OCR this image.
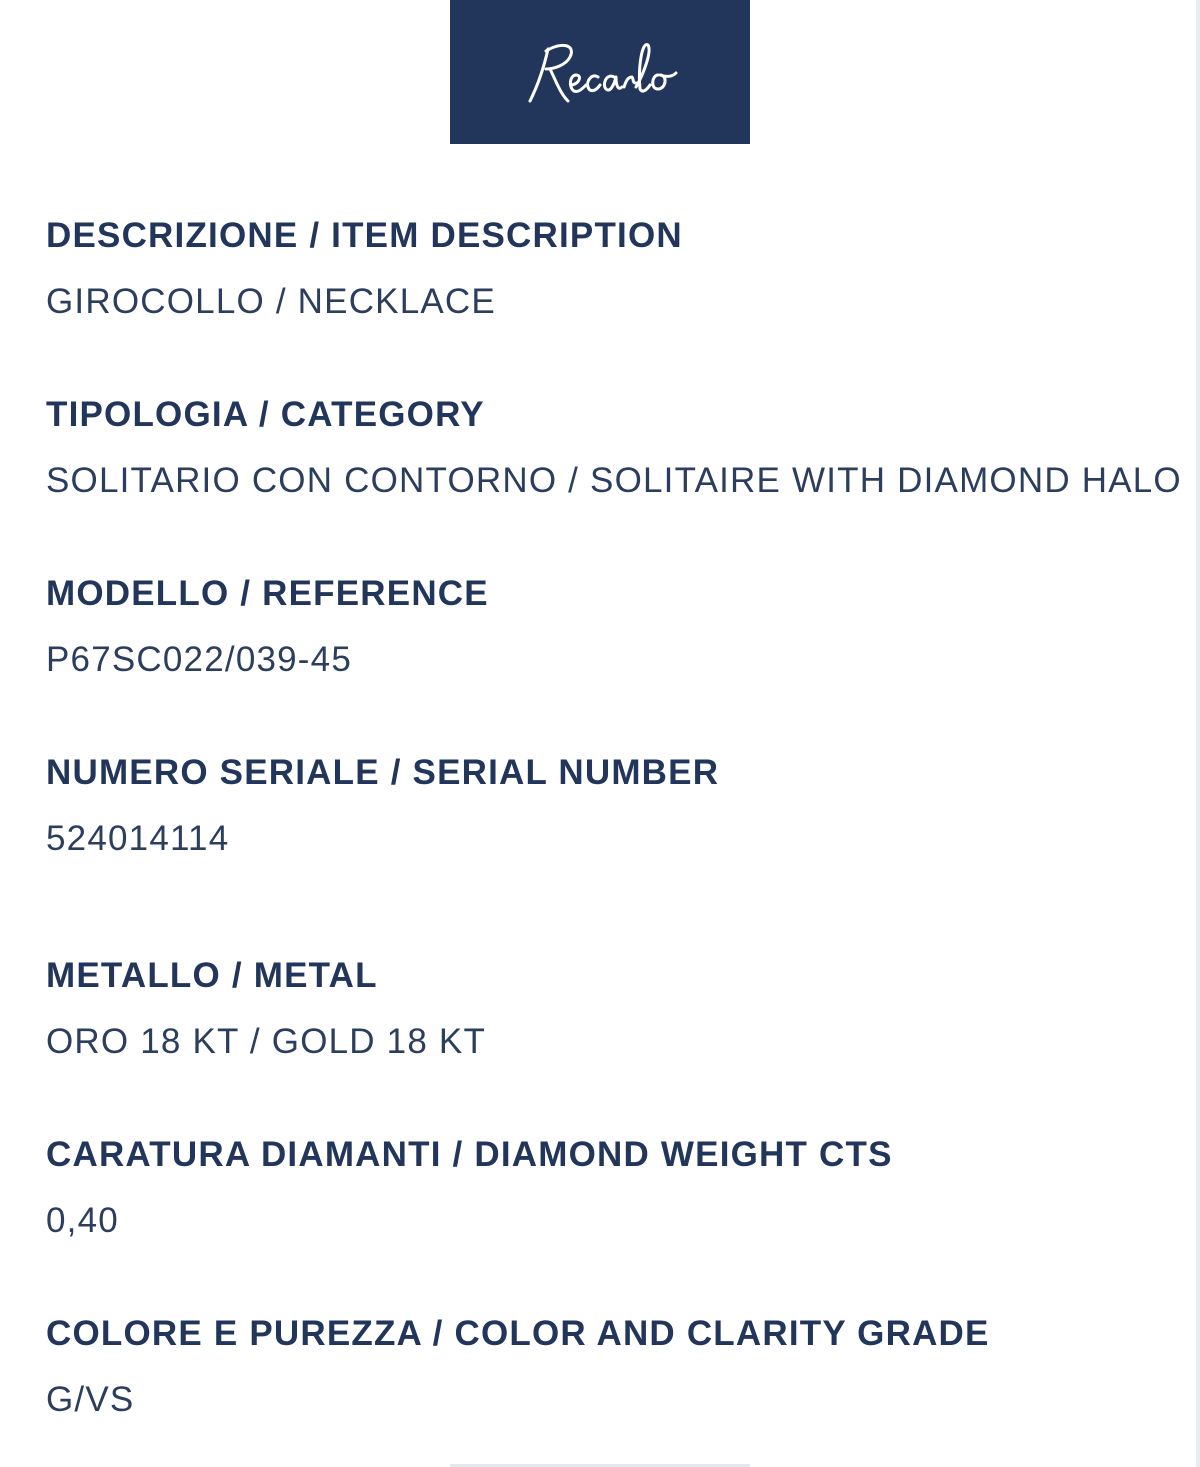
DESCRIZIONE / ITEM DESCRIPTION
GIROCOLLO / NECKLACE
TIPOLOGIA / CATEGORY
SOLITARIO CON CONTORNO / SOLITAIRE WITH DIAMOND HALO
MODELLO / REFERENCE
P67SC022/039-45
NUMERO SERIALE / SERIAL NUMBER
524014114
METALLO / METAL
ORO 18 KT / GOLD 18 KT
CARATURA DIAMANTI / DIAMOND WEIGHT CTS
0,40
COLORE E PUREZZA / COLOR AND CLARITY GRADE
G/VS
